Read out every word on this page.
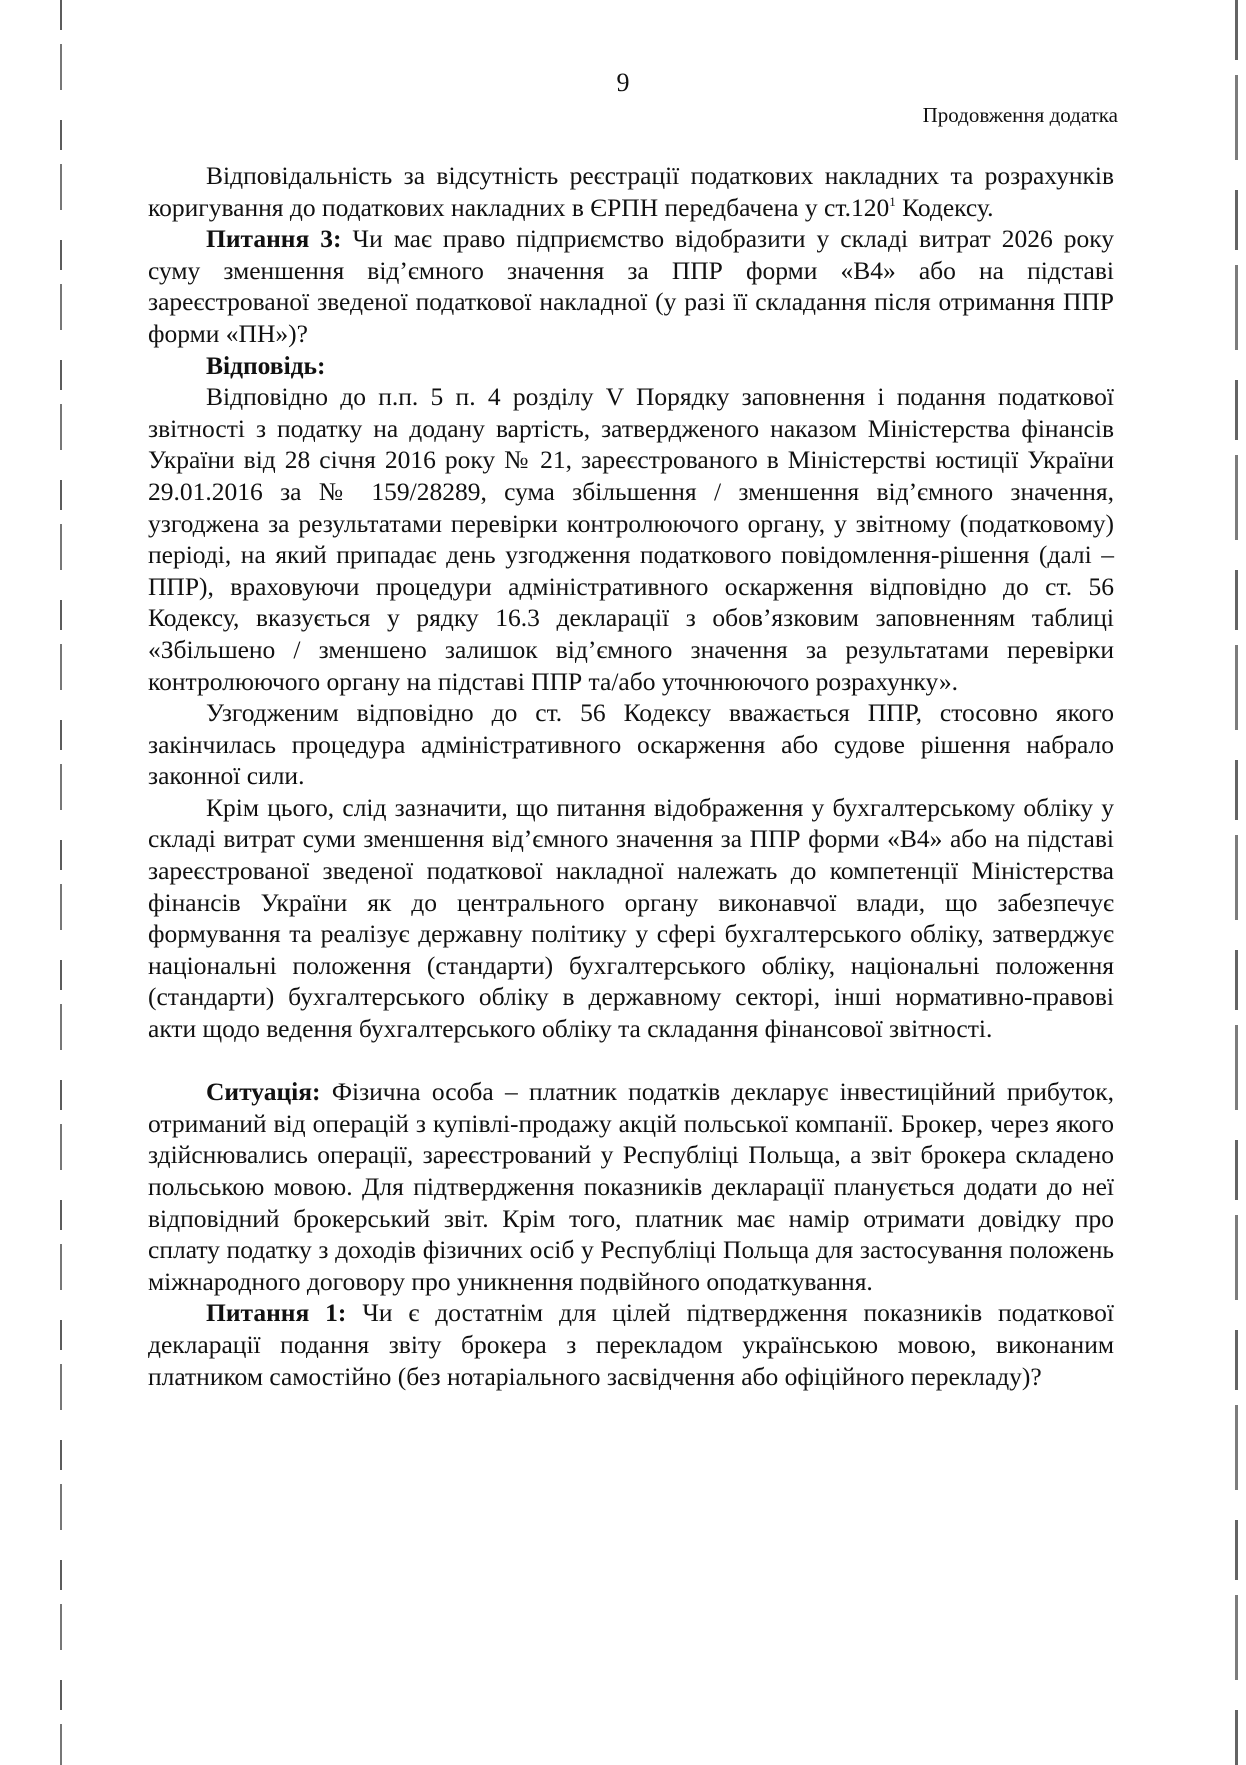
9
Продовження додатка

Відповідальність за відсутність реєстрації податкових накладних та розрахунків коригування до податкових накладних в ЄРПН передбачена у ст.120$^1$ Кодексу.

Питання 3: Чи має право підприємство відобразити у складі витрат 2026 року суму зменшення від’ємного значення за ППР форми «В4» або на підставі зареєстрованої зведеної податкової накладної (у разі її складання після отримання ППР форми «ПН»)?

Відповідь:

Відповідно до п.п. 5 п. 4 розділу V Порядку заповнення і подання податкової звітності з податку на додану вартість, затвердженого наказом Міністерства фінансів України від 28 січня 2016 року № 21, зареєстрованого в Міністерстві юстиції України 29.01.2016 за № 159/28289, сума збільшення / зменшення від’ємного значення, узгоджена за результатами перевірки контролюючого органу, у звітному (податковому) періоді, на який припадає день узгодження податкового повідомлення-рішення (далі – ППР), враховуючи процедури адміністративного оскарження відповідно до ст. 56 Кодексу, вказується у рядку 16.3 декларації з обов’язковим заповненням таблиці «Збільшено / зменшено залишок від’ємного значення за результатами перевірки контролюючого органу на підставі ППР та/або уточнюючого розрахунку».

Узгодженим відповідно до ст. 56 Кодексу вважається ППР, стосовно якого закінчилась процедура адміністративного оскарження або судове рішення набрало законної сили.

Крім цього, слід зазначити, що питання відображення у бухгалтерському обліку у складі витрат суми зменшення від’ємного значення за ППР форми «В4» або на підставі зареєстрованої зведеної податкової накладної належать до компетенції Міністерства фінансів України як до центрального органу виконавчої влади, що забезпечує формування та реалізує державну політику у сфері бухгалтерського обліку, затверджує національні положення (стандарти) бухгалтерського обліку, національні положення (стандарти) бухгалтерського обліку в державному секторі, інші нормативно-правові акти щодо ведення бухгалтерського обліку та складання фінансової звітності.

Ситуація: Фізична особа – платник податків декларує інвестиційний прибуток, отриманий від операцій з купівлі-продажу акцій польської компанії. Брокер, через якого здійснювались операції, зареєстрований у Республіці Польща, а звіт брокера складено польською мовою. Для підтвердження показників декларації планується додати до неї відповідний брокерський звіт. Крім того, платник має намір отримати довідку про сплату податку з доходів фізичних осіб у Республіці Польща для застосування положень міжнародного договору про уникнення подвійного оподаткування.

Питання 1: Чи є достатнім для цілей підтвердження показників податкової декларації подання звіту брокера з перекладом українською мовою, виконаним платником самостійно (без нотаріального засвідчення або офіційного перекладу)?
